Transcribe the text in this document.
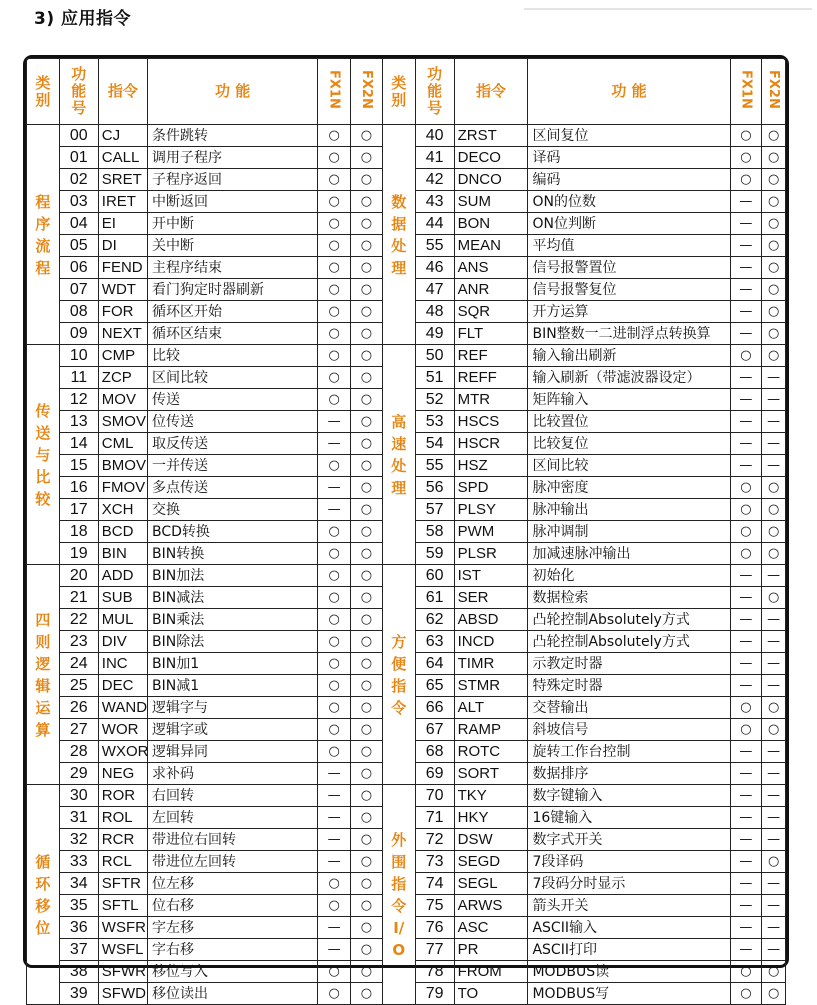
3) 应用指令
类别	功能号	指令	功 能	FX1N	FX2N	类别	功能号	指令	功 能	FX1N	FX2N
程序流程	00	CJ	条件跳转	○	○	数据处理	40	ZRST	区间复位	○	○
	01	CALL	调用子程序	○	○		41	DECO	译码	○	○
	02	SRET	子程序返回	○	○		42	DNCO	编码	○	○
	03	IRET	中断返回	○	○		43	SUM	ON的位数	—	○
	04	EI	开中断	○	○		44	BON	ON位判断	—	○
	05	DI	关中断	○	○		55	MEAN	平均值	—	○
	06	FEND	主程序结束	○	○		46	ANS	信号报警置位	—	○
	07	WDT	看门狗定时器刷新	○	○		47	ANR	信号报警复位	—	○
	08	FOR	循环区开始	○	○		48	SQR	开方运算	—	○
	09	NEXT	循环区结束	○	○		49	FLT	BIN整数一二进制浮点转换算	—	○
传送与比较	10	CMP	比较	○	○	高速处理	50	REF	输入输出刷新	○	○
	11	ZCP	区间比较	○	○		51	REFF	输入刷新（带滤波器设定）	—	—
	12	MOV	传送	○	○		52	MTR	矩阵输入	—	—
	13	SMOV	位传送	—	○		53	HSCS	比较置位	—	—
	14	CML	取反传送	—	○		54	HSCR	比较复位	—	—
	15	BMOV	一并传送	○	○		55	HSZ	区间比较	—	—
	16	FMOV	多点传送	—	○		56	SPD	脉冲密度	○	○
	17	XCH	交换	—	○		57	PLSY	脉冲输出	○	○
	18	BCD	BCD转换	○	○		58	PWM	脉冲调制	○	○
	19	BIN	BIN转换	○	○		59	PLSR	加减速脉冲输出	○	○
四则逻辑运算	20	ADD	BIN加法	○	○	方便指令	60	IST	初始化	—	—
	21	SUB	BIN减法	○	○		61	SER	数据检索	—	○
	22	MUL	BIN乘法	○	○		62	ABSD	凸轮控制Absolutely方式	—	—
	23	DIV	BIN除法	○	○		63	INCD	凸轮控制Absolutely方式	—	—
	24	INC	BIN加1	○	○		64	TIMR	示教定时器	—	—
	25	DEC	BIN减1	○	○		65	STMR	特殊定时器	—	—
	26	WAND	逻辑字与	○	○		66	ALT	交替输出	○	○
	27	WOR	逻辑字或	○	○		67	RAMP	斜坡信号	○	○
	28	WXOR	逻辑异同	○	○		68	ROTC	旋转工作台控制	—	—
	29	NEG	求补码	—	○		69	SORT	数据排序	—	—
循环移位	30	ROR	右回转	—	○	外围指令I/O	70	TKY	数字键输入	—	—
	31	ROL	左回转	—	○		71	HKY	16键输入	—	—
	32	RCR	带进位右回转	—	○		72	DSW	数字式开关	—	—
	33	RCL	带进位左回转	—	○		73	SEGD	7段译码	—	○
	34	SFTR	位左移	○	○		74	SEGL	7段码分时显示	—	—
	35	SFTL	位右移	○	○		75	ARWS	箭头开关	—	—
	36	WSFR	字左移	—	○		76	ASC	ASCII输入	—	—
	37	WSFL	字右移	—	○		77	PR	ASCII打印	—	—
	38	SFWR	移位写入	○	○		78	FROM	MODBUS读	○	○
	39	SFWD	移位读出	○	○		79	TO	MODBUS写	○	○
